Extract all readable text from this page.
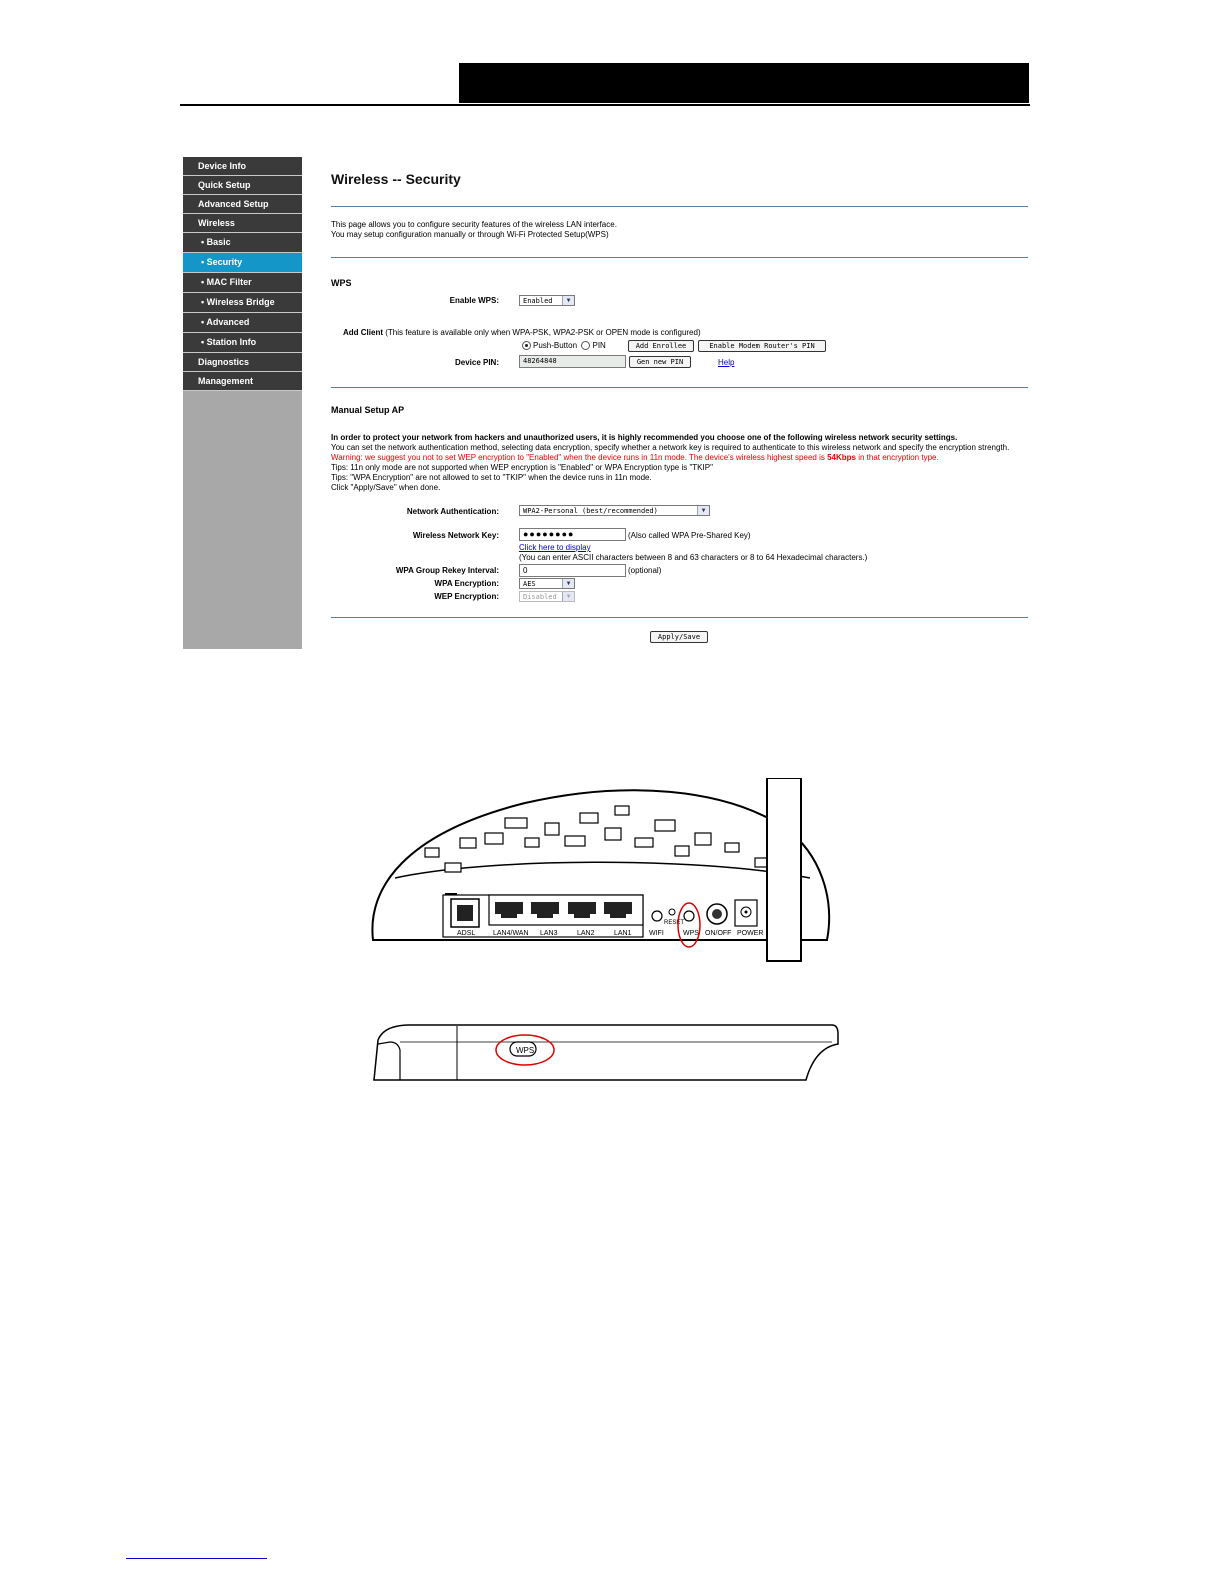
Device Info
Quick Setup
Advanced Setup
Wireless
• Basic
• Security
• MAC Filter
• Wireless Bridge
• Advanced
• Station Info
Diagnostics
Management
Wireless -- Security
This page allows you to configure security features of the wireless LAN interface.
You may setup configuration manually or through Wi-Fi Protected Setup(WPS)
WPS
Enable WPS:	Enabled	▼
Add Client (This feature is available only when WPA-PSK, WPA2-PSK or OPEN mode is configured)
Push-Button PIN	Add Enrollee	Enable Modem Router's PIN
Device PIN:	48264848	Gen new PIN	Help
Manual Setup AP
In order to protect your network from hackers and unauthorized users, it is highly recommended you choose one of the following wireless network security settings.
You can set the network authentication method, selecting data encryption, specify whether a network key is required to authenticate to this wireless network and specify the encryption strength.
Warning: we suggest you not to set WEP encryption to "Enabled" when the device runs in 11n mode. The device's wireless highest speed is 54Kbps in that encryption type.
Tips: 11n only mode are not supported when WEP encryption is "Enabled" or WPA Encryption type is "TKIP"
Tips: "WPA Encryption" are not allowed to set to "TKIP" when the device runs in 11n mode.
Click "Apply/Save" when done.
Network Authentication:	WPA2-Personal (best/recommended)	▼
Wireless Network Key:	●●●●●●●●	(Also called WPA Pre-Shared Key)
Click here to display
(You can enter ASCII characters between 8 and 63 characters or 8 to 64 Hexadecimal characters.)
WPA Group Rekey Interval:	0	(optional)
WPA Encryption:	AES	▼
WEP Encryption:	Disabled	▼
Apply/Save
ADSL	LAN4/WAN LAN3	LAN2	LAN1 WIFI
RESET
WPS ON/OFF POWER
WPS
